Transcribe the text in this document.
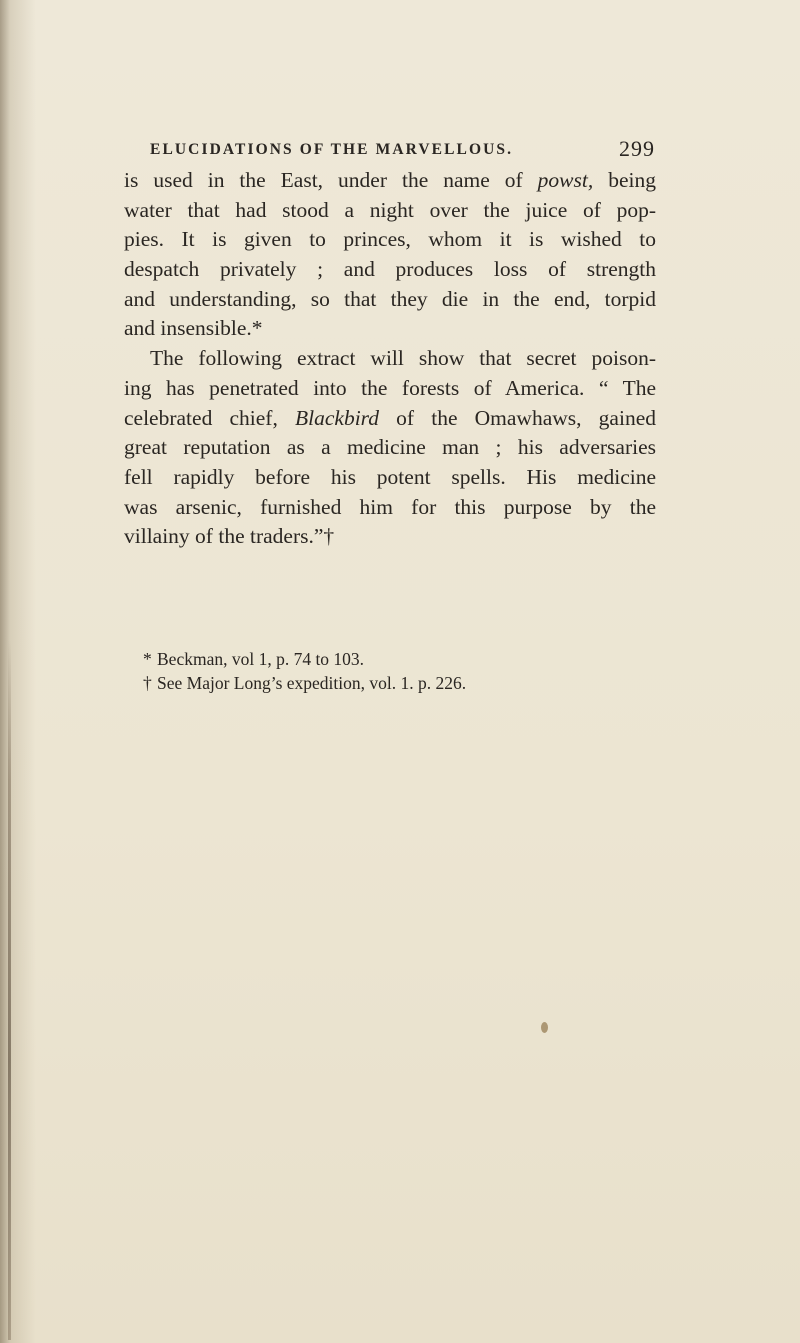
ELUCIDATIONS OF THE MARVELLOUS.	299
is used in the East, under the name of powst, being
water that had stood a night over the juice of pop-
pies. It is given to princes, whom it is wished to
despatch privately ; and produces loss of strength
and understanding, so that they die in the end, torpid
and insensible.*
The following extract will show that secret poison-
ing has penetrated into the forests of America. “ The
celebrated chief, Blackbird of the Omawhaws, gained
great reputation as a medicine man ; his adversaries
fell rapidly before his potent spells. His medicine
was arsenic, furnished him for this purpose by the
villainy of the traders.”†
* Beckman, vol 1, p. 74 to 103.
† See Major Long’s expedition, vol. 1. p. 226.
